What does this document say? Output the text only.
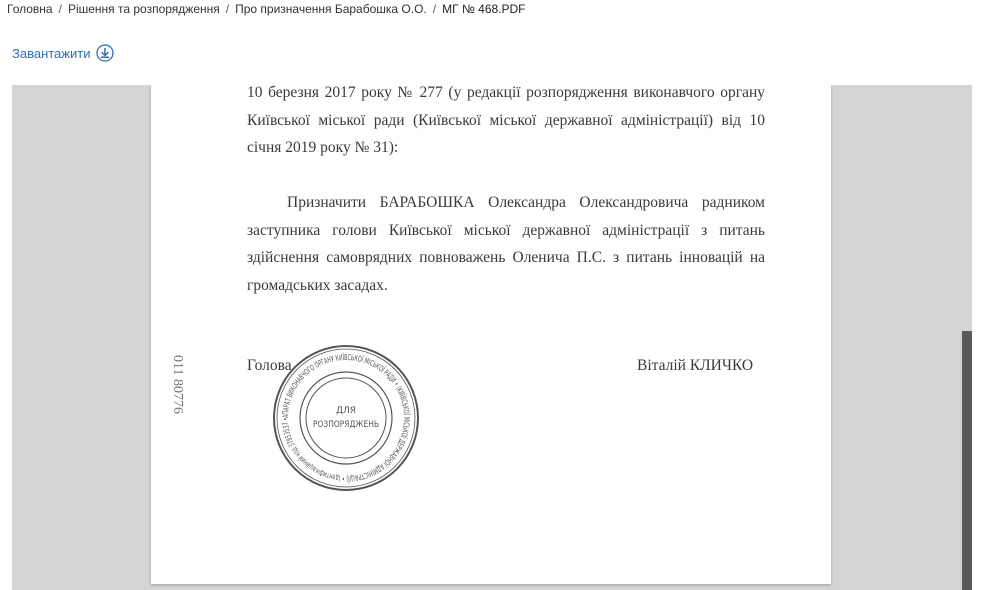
Головна / Рішення та розпорядження / Про призначення Барабошка О.О. / МГ № 468.PDF
Завантажити
10 березня 2017 року № 277 (у редакції розпорядження виконавчого органу Київської міської ради (Київської міської державної адміністрації) від 10 січня 2019 року № 31):
Призначити БАРАБОШКА Олександра Олександровича радником заступника голови Київської міської державної адміністрації з питань здійснення самоврядних повноважень Оленича П.С. з питань інновацій на громадських засадах.
Голова	Віталій КЛИЧКО
011 80776
АПАРАТ ВИКОНАВЧОГО ОРГАНУ КИЇВСЬКОЇ МІСЬКОЇ РАДИ • (КИЇВСЬКОЇ МІСЬКОЇ ДЕРЖАВНОЇ АДМІНІСТРАЦІЇ) • Ідентифікаційний код 37853537 •
ДЛЯ
РОЗПОРЯДЖЕНЬ
